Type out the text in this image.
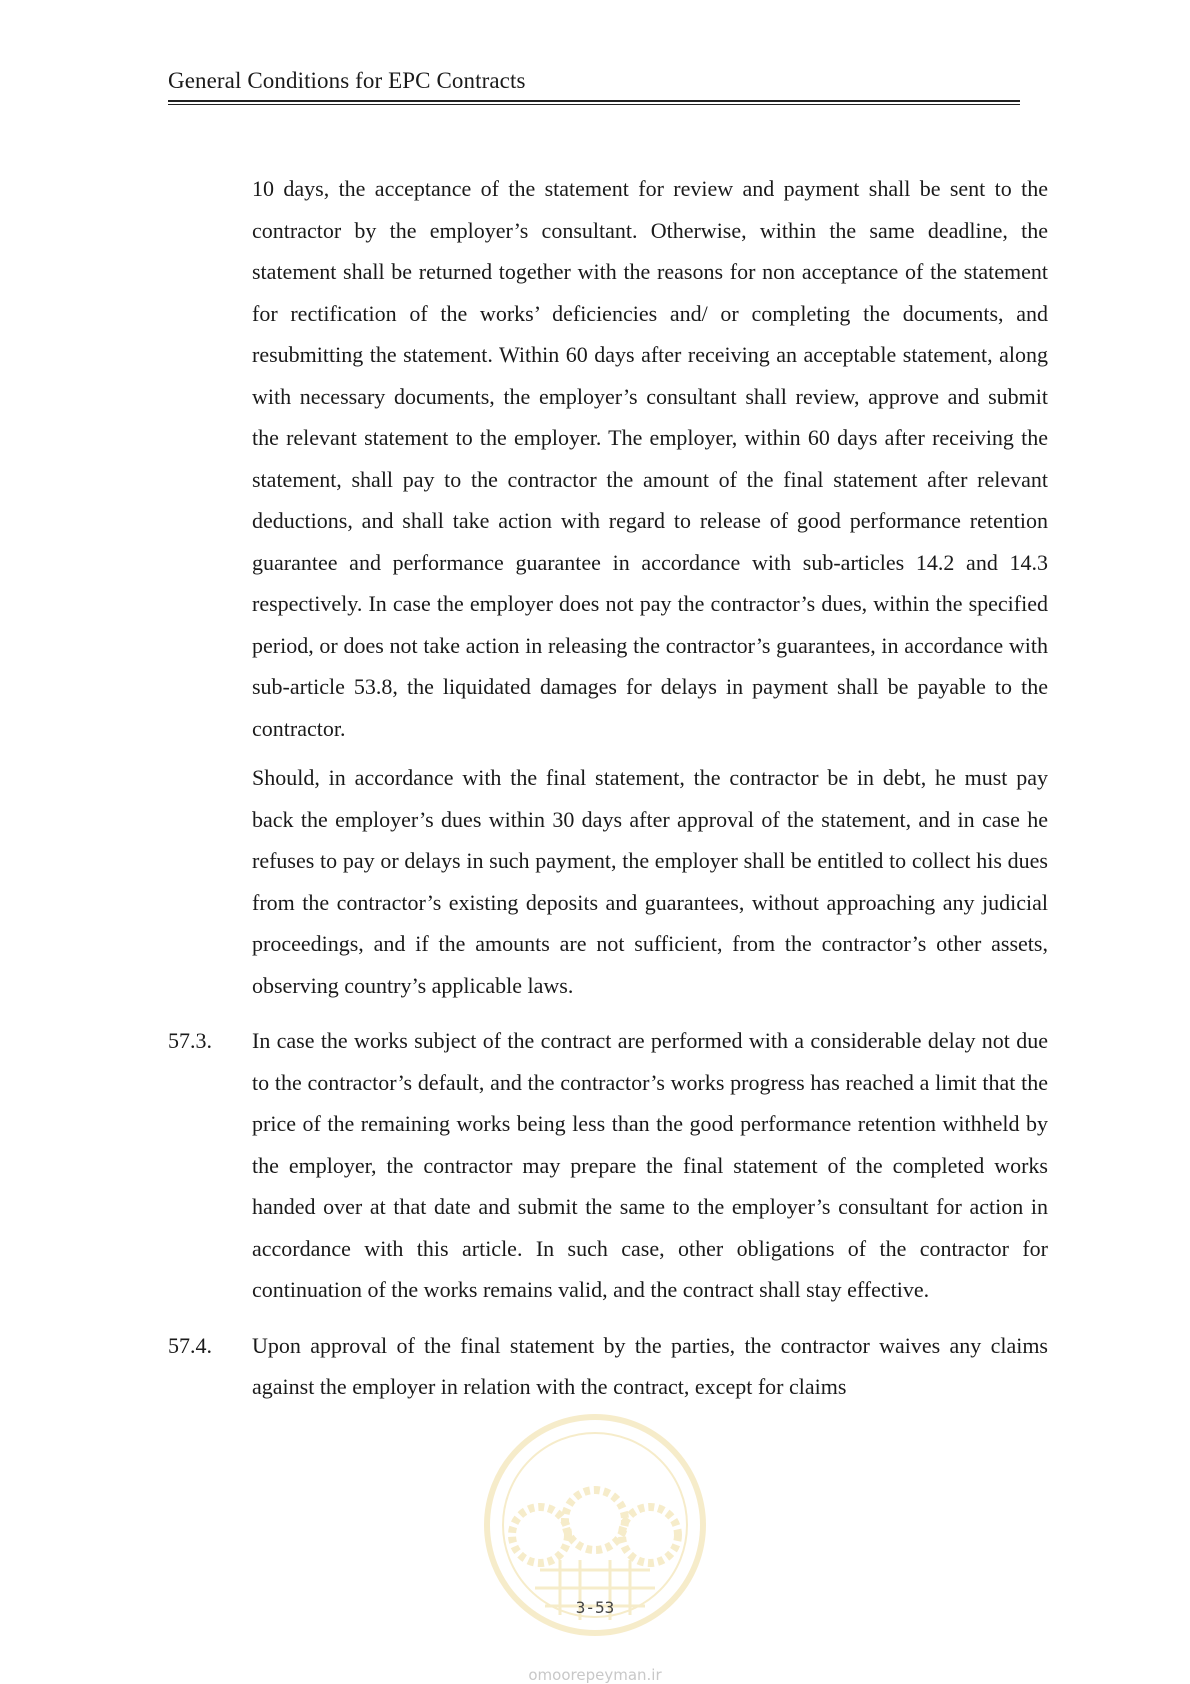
General Conditions for EPC Contracts
10 days, the acceptance of the statement for review and payment shall be sent to the contractor by the employer’s consultant. Otherwise, within the same deadline, the statement shall be returned together with the reasons for non acceptance of the statement for rectification of the works’ deficiencies and/ or completing the documents, and resubmitting the statement. Within 60 days after receiving an acceptable statement, along with necessary documents, the employer’s consultant shall review, approve and submit the relevant statement to the employer. The employer, within 60 days after receiving the statement, shall pay to the contractor the amount of the final statement after relevant deductions, and shall take action with regard to release of good performance retention guarantee and performance guarantee in accordance with sub-articles 14.2 and 14.3 respectively. In case the employer does not pay the contractor’s dues, within the specified period, or does not take action in releasing the contractor’s guarantees, in accordance with sub-article 53.8, the liquidated damages for delays in payment shall be payable to the contractor.
Should, in accordance with the final statement, the contractor be in debt, he must pay back the employer’s dues within 30 days after approval of the statement, and in case he refuses to pay or delays in such payment, the employer shall be entitled to collect his dues from the contractor’s existing deposits and guarantees, without approaching any judicial proceedings, and if the amounts are not sufficient, from the contractor’s other assets, observing country’s applicable laws.
57.3.	In case the works subject of the contract are performed with a considerable delay not due to the contractor’s default, and the contractor’s works progress has reached a limit that the price of the remaining works being less than the good performance retention withheld by the employer, the contractor may prepare the final statement of the completed works handed over at that date and submit the same to the employer’s consultant for action in accordance with this article. In such case, other obligations of the contractor for continuation of the works remains valid, and the contract shall stay effective.
57.4.	Upon approval of the final statement by the parties, the contractor waives any claims against the employer in relation with the contract, except for claims
3-53
omoorepeyman.ir
